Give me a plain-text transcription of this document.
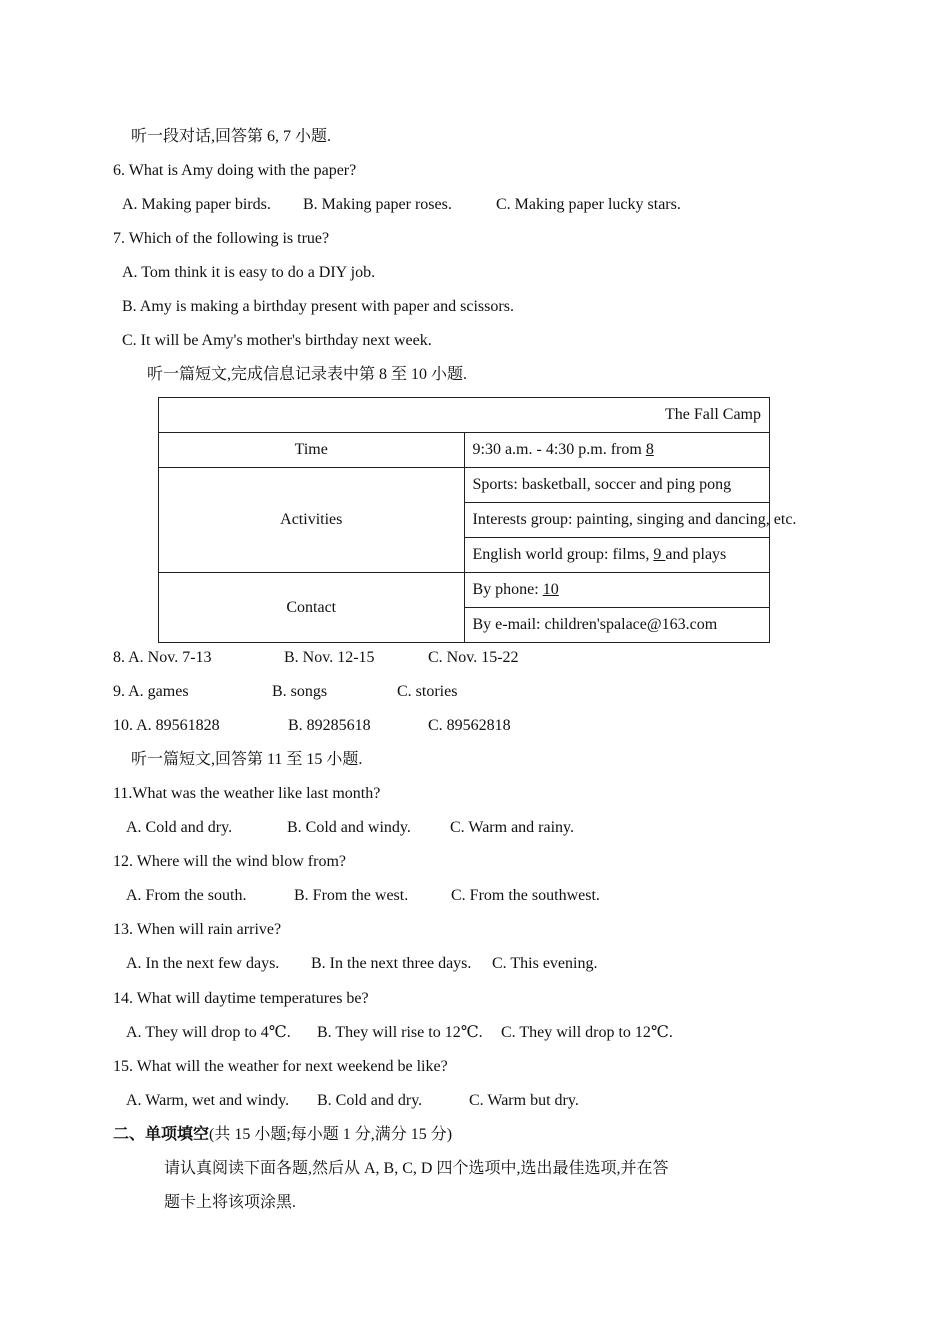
听一段对话,回答第 6, 7 小题.
6. What is Amy doing with the paper?
A. Making paper birds. B. Making paper roses.	C. Making paper lucky stars.
7. Which of the following is true?
A. Tom think it is easy to do a DIY job.
B. Amy is making a birthday present with paper and scissors.
C. It will be Amy's mother's birthday next week.
听一篇短文,完成信息记录表中第 8 至 10 小题.
The Fall Camp	
Time	9:30 a.m. - 4:30 p.m. from 8
Activities	Sports: basketball, soccer and ping pong
	Interests group: painting, singing and dancing, etc.
	English world group: films, 9 and plays
Contact	By phone: 10
	By e-mail: children'spalace@163.com
8. A. Nov. 7-13	B. Nov. 12-15	C. Nov. 15-22
9. A. games	B. songs	C. stories
10. A. 89561828	B. 89285618	C. 89562818
听一篇短文,回答第 11 至 15 小题.
11.What was the weather like last month?
A. Cold and dry.	B. Cold and windy. C. Warm and rainy.
12. Where will the wind blow from?
A. From the south.	B. From the west.	C. From the southwest.
13. When will rain arrive?
A. In the next few days. B. In the next three days. C. This evening.
14. What will daytime temperatures be?
A. They will drop to 4℃. B. They will rise to 12℃. C. They will drop to 12℃.
15. What will the weather for next weekend be like?
A. Warm, wet and windy. B. Cold and dry.	C. Warm but dry.
二、单项填空(共 15 小题;每小题 1 分,满分 15 分)
请认真阅读下面各题,然后从 A, B, C, D 四个选项中,选出最佳选项,并在答
题卡上将该项涂黑.
